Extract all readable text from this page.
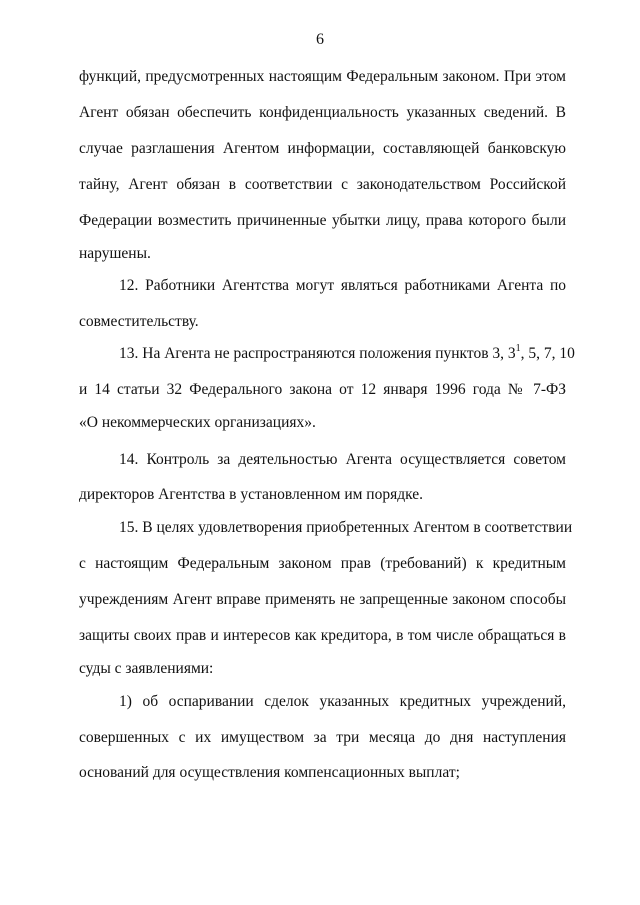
6
функций, предусмотренных настоящим Федеральным законом. При этом
Агент обязан обеспечить конфиденциальность указанных сведений. В
случае разглашения Агентом информации, составляющей банковскую
тайну, Агент обязан в соответствии с законодательством Российской
Федерации возместить причиненные убытки лицу, права которого были
нарушены.
12. Работники Агентства могут являться работниками Агента по
совместительству.
13. На Агента не распространяются положения пунктов 3, $3^1$, 5, 7, 10
и 14 статьи 32 Федерального закона от 12 января 1996 года № 7-ФЗ
«О некоммерческих организациях».
14. Контроль за деятельностью Агента осуществляется советом
директоров Агентства в установленном им порядке.
15. В целях удовлетворения приобретенных Агентом в соответствии
с настоящим Федеральным законом прав (требований) к кредитным
учреждениям Агент вправе применять не запрещенные законом способы
защиты своих прав и интересов как кредитора, в том числе обращаться в
суды с заявлениями:
1) об оспаривании сделок указанных кредитных учреждений,
совершенных с их имуществом за три месяца до дня наступления
оснований для осуществления компенсационных выплат;
